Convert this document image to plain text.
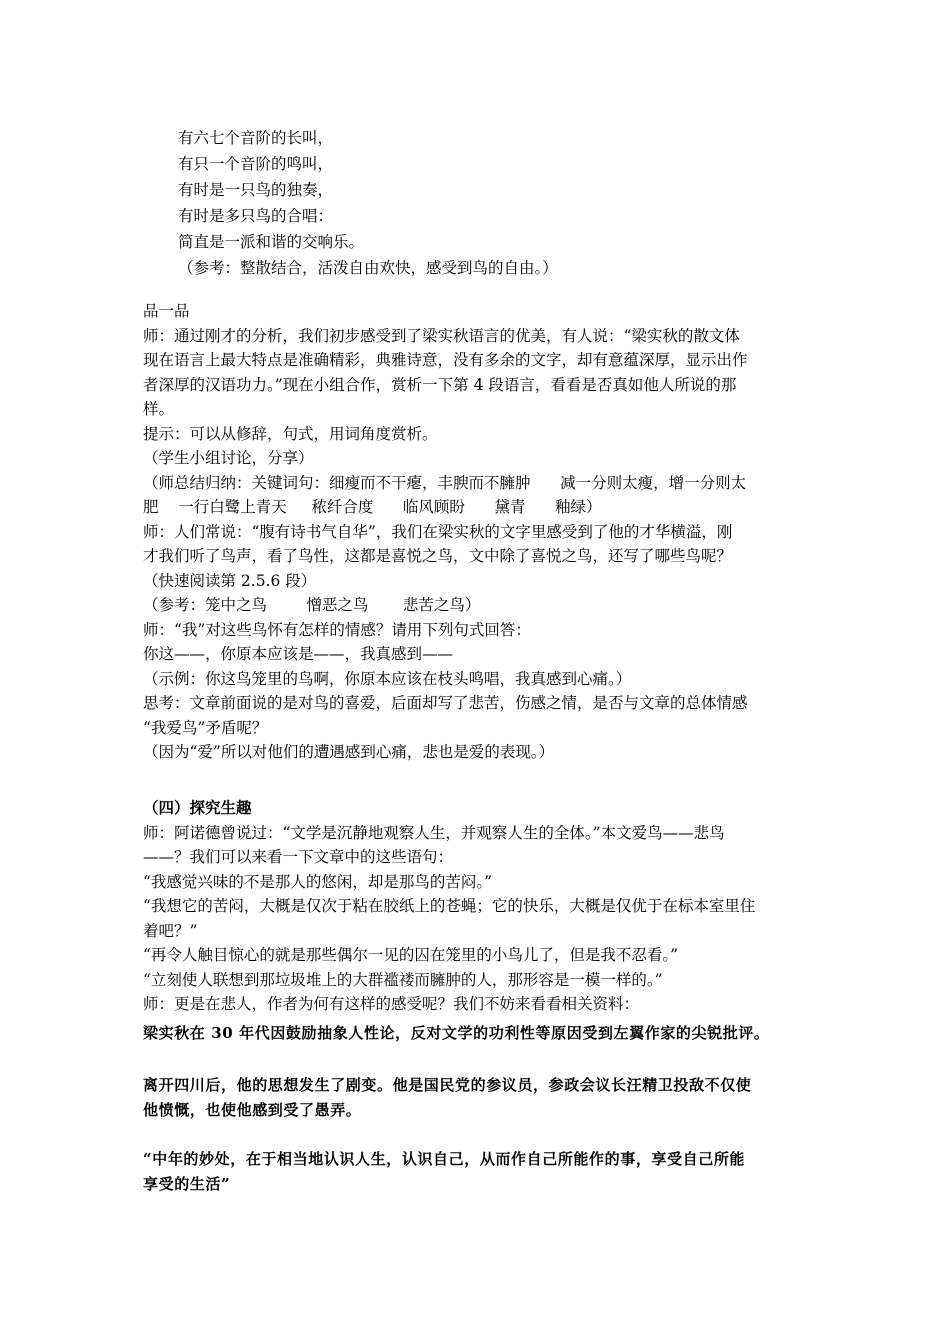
有六七个音阶的长叫，
有只一个音阶的鸣叫，
有时是一只鸟的独奏，
有时是多只鸟的合唱：
简直是一派和谐的交响乐。
（参考：整散结合，活泼自由欢快，感受到鸟的自由。）
品一品
师：通过刚才的分析，我们初步感受到了梁实秋语言的优美，有人说：“梁实秋的散文体
现在语言上最大特点是准确精彩，典雅诗意，没有多余的文字，却有意蕴深厚，显示出作
者深厚的汉语功力。”现在小组合作，赏析一下第 4 段语言，看看是否真如他人所说的那
样。
提示：可以从修辞，句式，用词角度赏析。
（学生小组讨论，分享）
（师总结归纳：关键词句：细瘦而不干瘪，丰腴而不臃肿      减一分则太瘦，增一分则太
肥    一行白鹭上青天     秾纤合度      临风顾盼      黛青      釉绿）
师：人们常说：“腹有诗书气自华”，我们在梁实秋的文字里感受到了他的才华横溢，刚
才我们听了鸟声，看了鸟性，这都是喜悦之鸟，文中除了喜悦之鸟，还写了哪些鸟呢？
（快速阅读第 2.5.6 段）
（参考：笼中之鸟        憎恶之鸟       悲苦之鸟）
师：“我”对这些鸟怀有怎样的情感？请用下列句式回答：
你这——，你原本应该是——，我真感到——
（示例：你这鸟笼里的鸟啊，你原本应该在枝头鸣唱，我真感到心痛。）
思考：文章前面说的是对鸟的喜爱，后面却写了悲苦，伤感之情，是否与文章的总体情感
“我爱鸟”矛盾呢？
（因为“爱”所以对他们的遭遇感到心痛，悲也是爱的表现。）
（四）探究生趣
师：阿诺德曾说过：“文学是沉静地观察人生，并观察人生的全体。”本文爱鸟——悲鸟
——？我们可以来看一下文章中的这些语句：
“我感觉兴味的不是那人的悠闲，却是那鸟的苦闷。”
“我想它的苦闷，大概是仅次于粘在胶纸上的苍蝇；它的快乐，大概是仅优于在标本室里住
着吧？”
“再令人触目惊心的就是那些偶尔一见的囚在笼里的小鸟儿了，但是我不忍看。”
“立刻使人联想到那垃圾堆上的大群褴褛而臃肿的人，那形容是一模一样的。”
师：更是在悲人，作者为何有这样的感受呢？我们不妨来看看相关资料：
梁实秋在 30 年代因鼓励抽象人性论，反对文学的功利性等原因受到左翼作家的尖锐批评。
离开四川后，他的思想发生了剧变。他是国民党的参议员，参政会议长汪精卫投敌不仅使
他愤慨，也使他感到受了愚弄。
“中年的妙处，在于相当地认识人生，认识自己，从而作自己所能作的事，享受自己所能
享受的生活”
